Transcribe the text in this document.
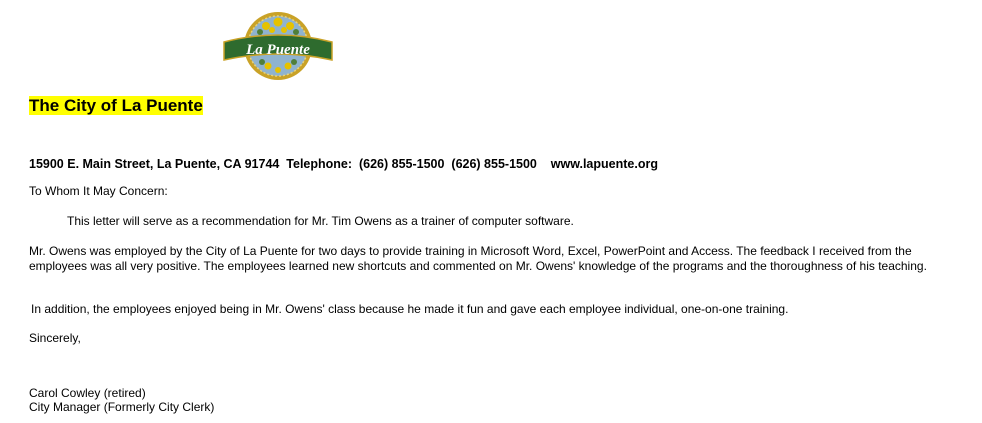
La Puente
The City of La Puente
15900 E. Main Street, La Puente, CA 91744  Telephone:  (626) 855-1500  (626) 855-1500    www.lapuente.org
To Whom It May Concern:
This letter will serve as a recommendation for Mr. Tim Owens as a trainer of computer software.
Mr. Owens was employed by the City of La Puente for two days to provide training in Microsoft Word, Excel, PowerPoint and Access. The feedback I received from the employees was all very positive. The employees learned new shortcuts and commented on Mr. Owens' knowledge of the programs and the thoroughness of his teaching.
In addition, the employees enjoyed being in Mr. Owens' class because he made it fun and gave each employee individual, one-on-one training.
Sincerely,
Carol Cowley (retired)
City Manager (Formerly City Clerk)
